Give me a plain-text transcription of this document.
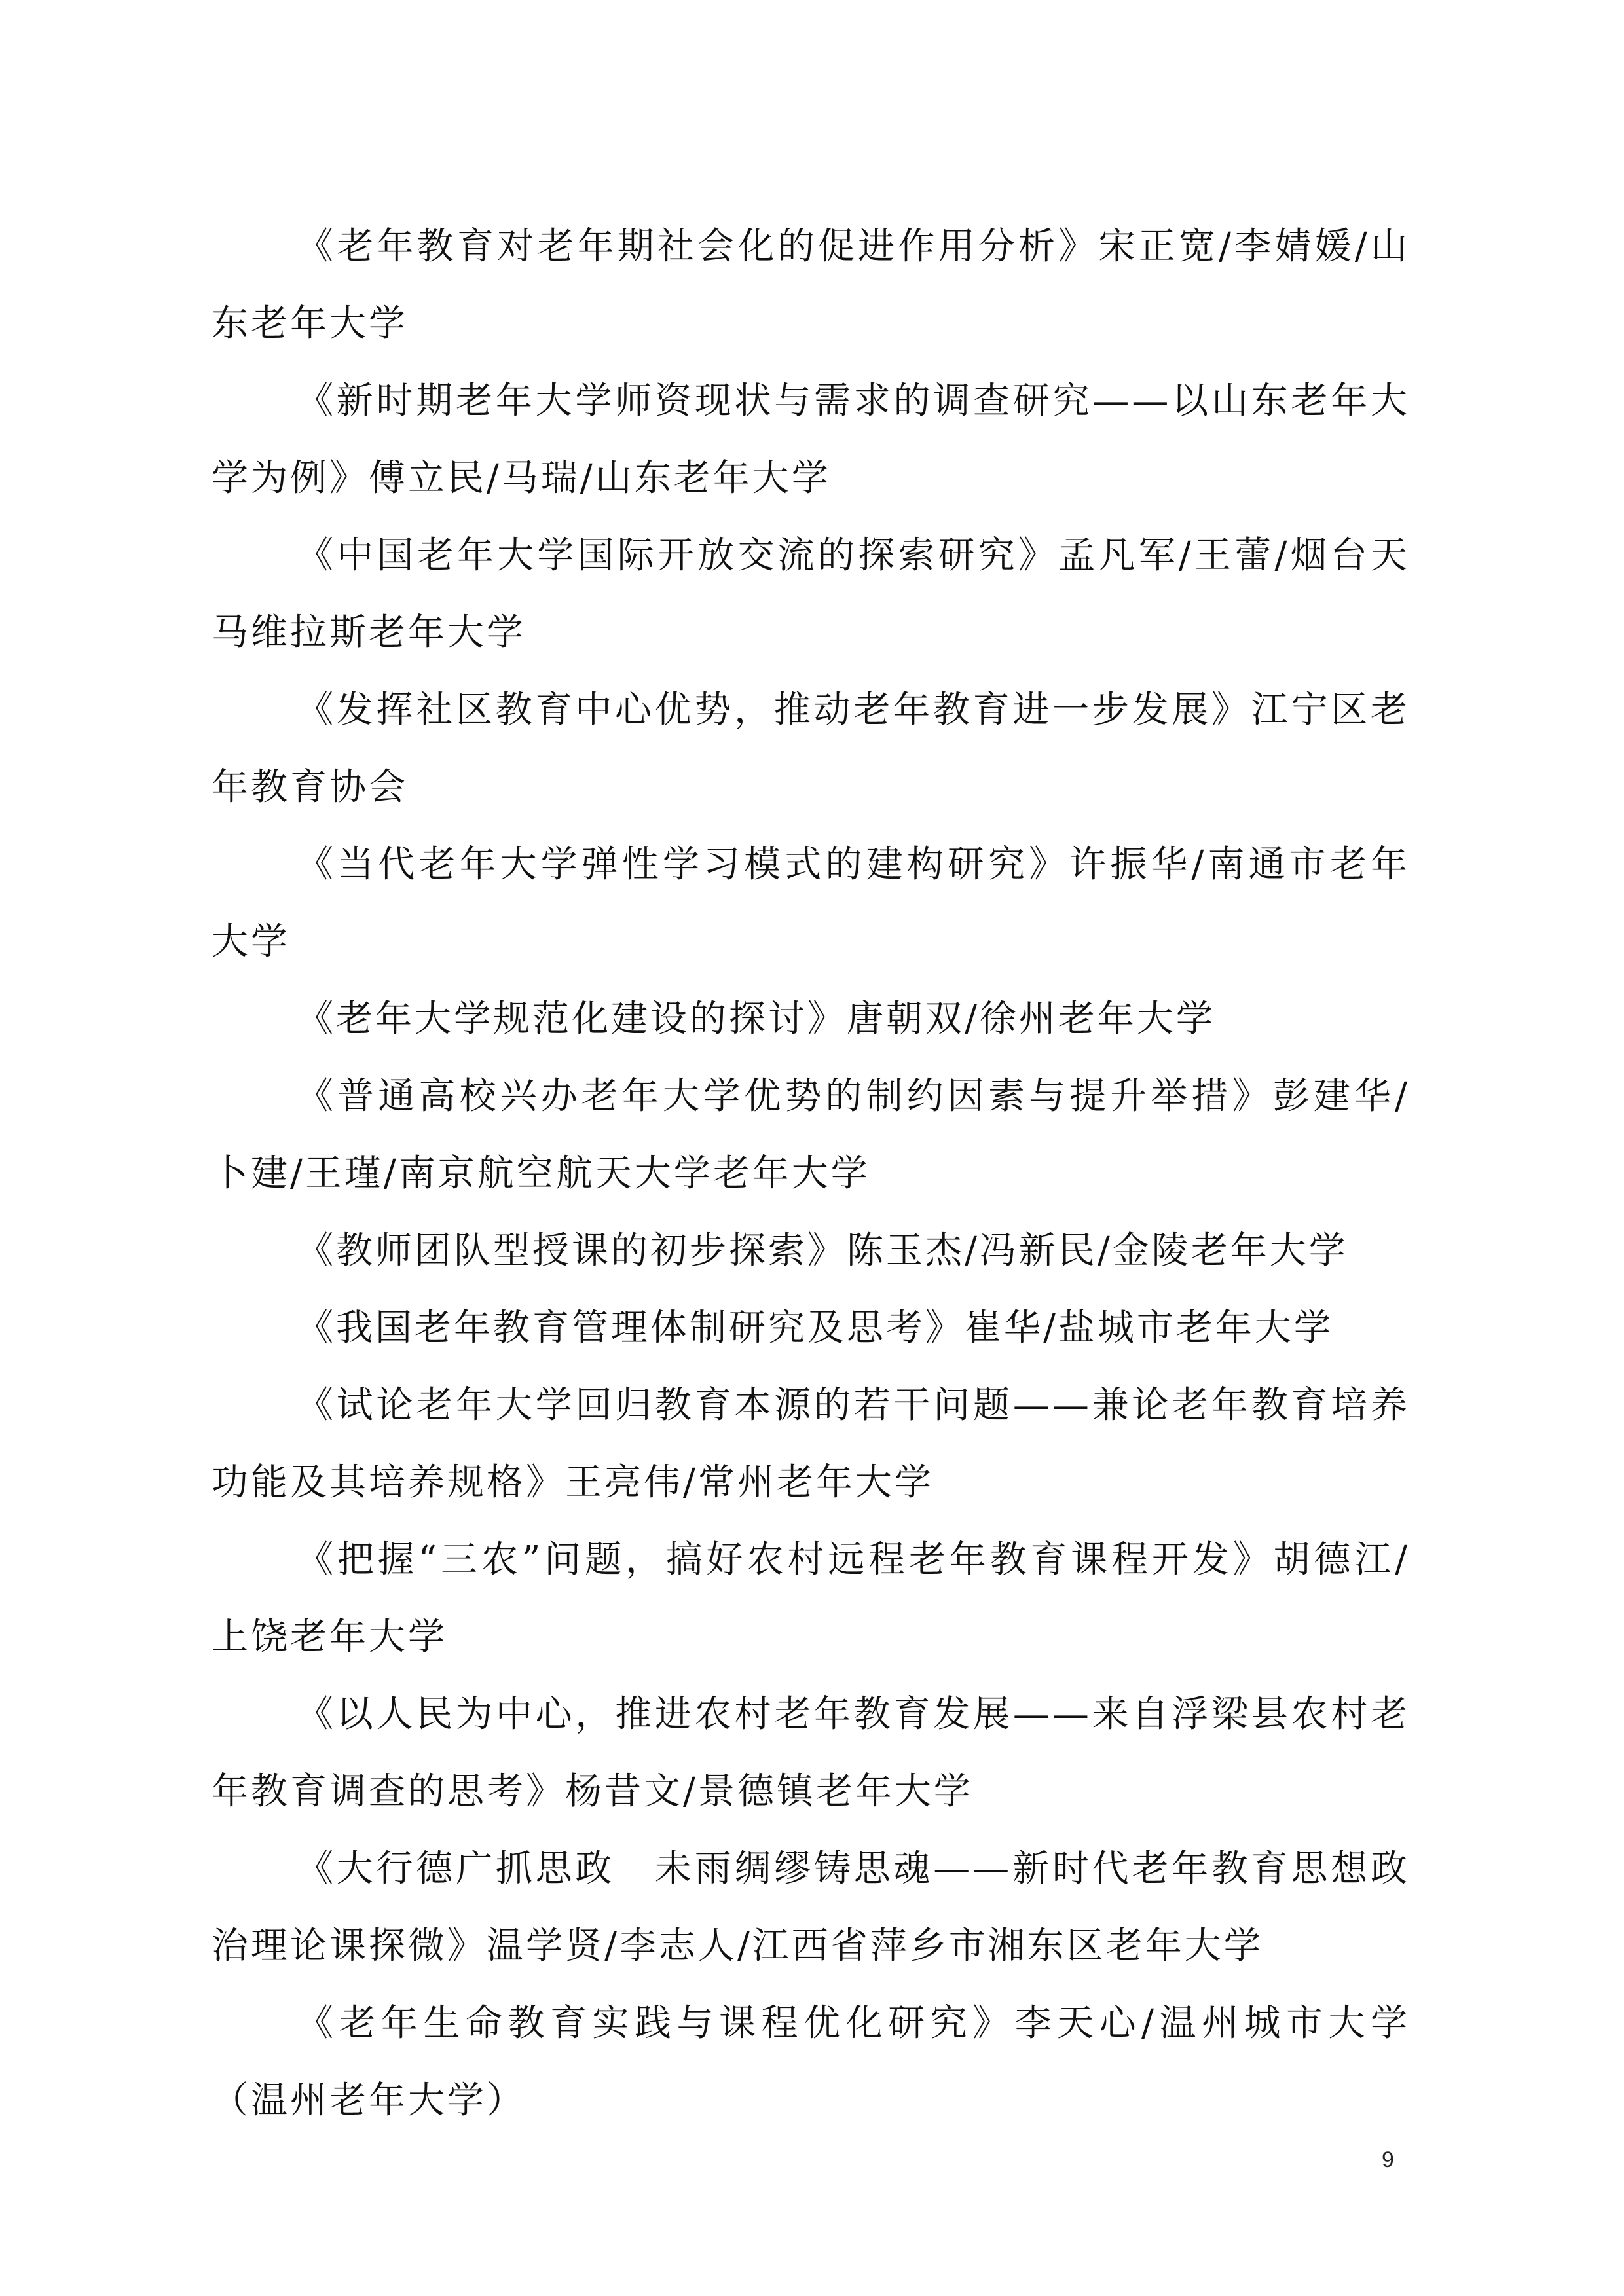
《老年教育对老年期社会化的促进作用分析》宋正宽/李婧媛/山东老年大学
《新时期老年大学师资现状与需求的调查研究——以山东老年大学为例》傅立民/马瑞/山东老年大学
《中国老年大学国际开放交流的探索研究》孟凡军/王蕾/烟台天马维拉斯老年大学
《发挥社区教育中心优势，推动老年教育进一步发展》江宁区老年教育协会
《当代老年大学弹性学习模式的建构研究》许振华/南通市老年大学
《老年大学规范化建设的探讨》唐朝双/徐州老年大学
《普通高校兴办老年大学优势的制约因素与提升举措》彭建华/卜建/王瑾/南京航空航天大学老年大学
《教师团队型授课的初步探索》陈玉杰/冯新民/金陵老年大学
《我国老年教育管理体制研究及思考》崔华/盐城市老年大学
《试论老年大学回归教育本源的若干问题——兼论老年教育培养功能及其培养规格》王亮伟/常州老年大学
《把握“三农”问题，搞好农村远程老年教育课程开发》胡德江/ 上饶老年大学
《以人民为中心，推进农村老年教育发展——来自浮梁县农村老年教育调查的思考》杨昔文/景德镇老年大学
《大行德广抓思政　未雨绸缪铸思魂——新时代老年教育思想政治理论课探微》温学贤/李志人/江西省萍乡市湘东区老年大学
《老年生命教育实践与课程优化研究》李天心/温州城市大学（温州老年大学）
9
